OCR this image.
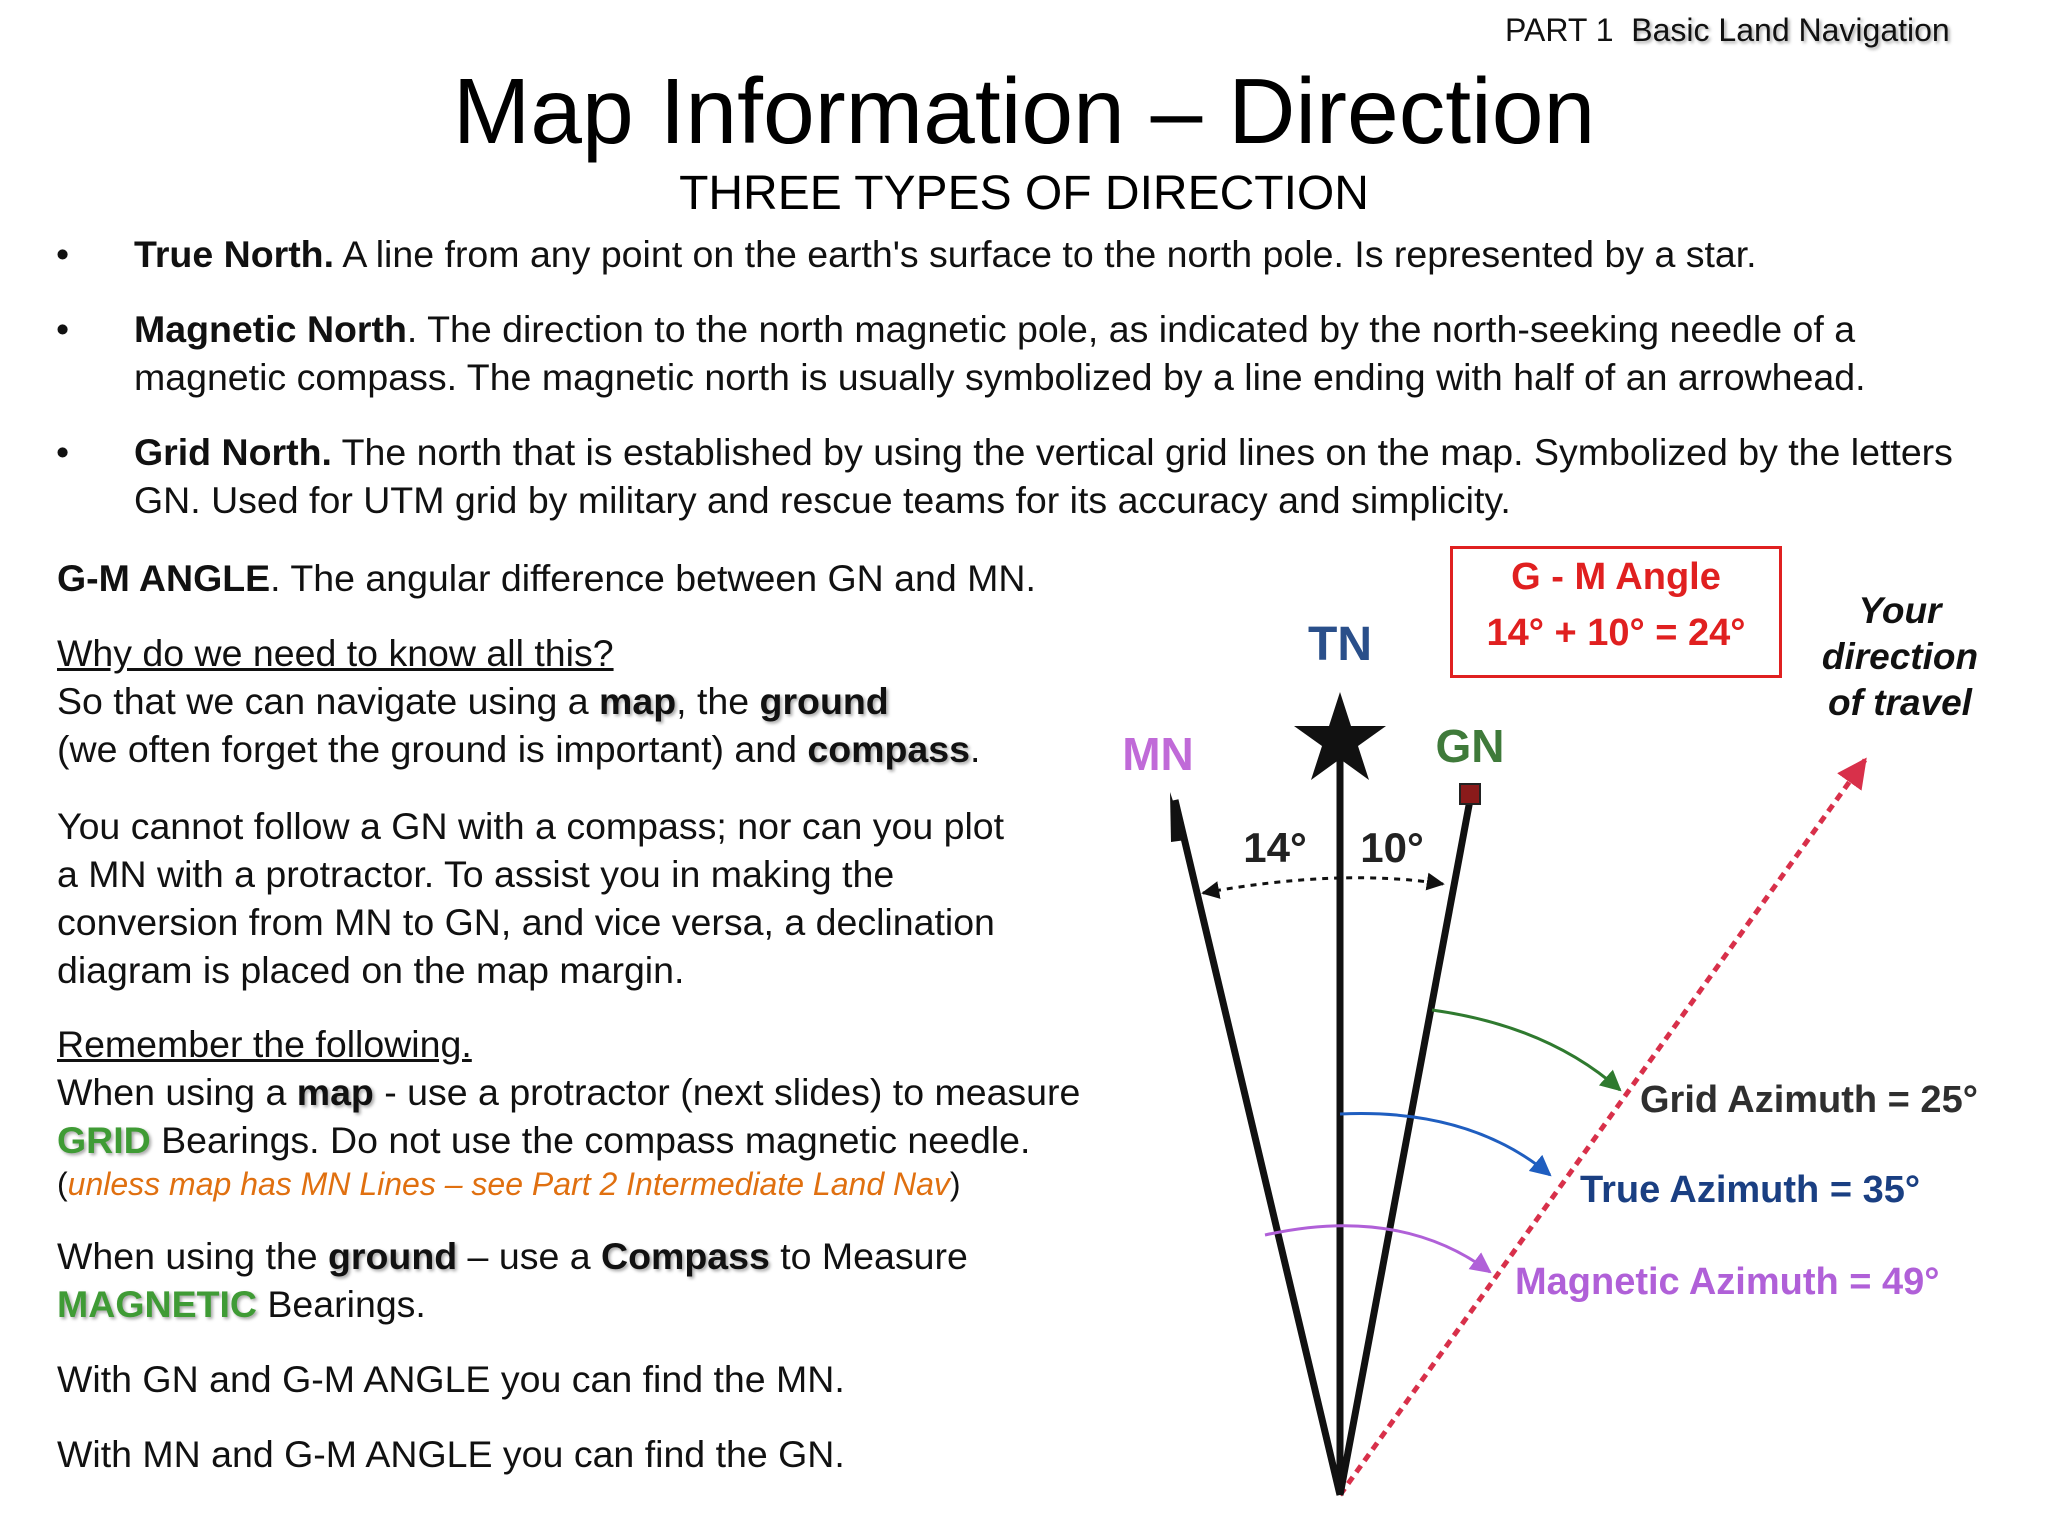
PART 1 Basic Land Navigation
Map Information – Direction
THREE TYPES OF DIRECTION
• True North. A line from any point on the earth's surface to the north pole. Is represented by a star.
• Magnetic North. The direction to the north magnetic pole, as indicated by the north-seeking needle of a magnetic compass. The magnetic north is usually symbolized by a line ending with half of an arrowhead.
• Grid North. The north that is established by using the vertical grid lines on the map. Symbolized by the letters GN. Used for UTM grid by military and rescue teams for its accuracy and simplicity.
G-M ANGLE. The angular difference between GN and MN.
Why do we need to know all this?
So that we can navigate using a map, the ground
(we often forget the ground is important) and compass.
You cannot follow a GN with a compass; nor can you plot a MN with a protractor. To assist you in making the conversion from MN to GN, and vice versa, a declination diagram is placed on the map margin.
Remember the following.
When using a map - use a protractor (next slides) to measure
GRID Bearings. Do not use the compass magnetic needle.
(unless map has MN Lines – see Part 2 Intermediate Land Nav)
When using the ground – use a Compass to Measure
MAGNETIC Bearings.
With GN and G-M ANGLE you can find the MN.
With MN and G-M ANGLE you can find the GN.
TN
MN	GN
14° 10°
Grid Azimuth = 25°
True Azimuth = 35°
Magnetic Azimuth = 49°
G - M Angle
14° + 10° = 24°
Your
direction
of travel
